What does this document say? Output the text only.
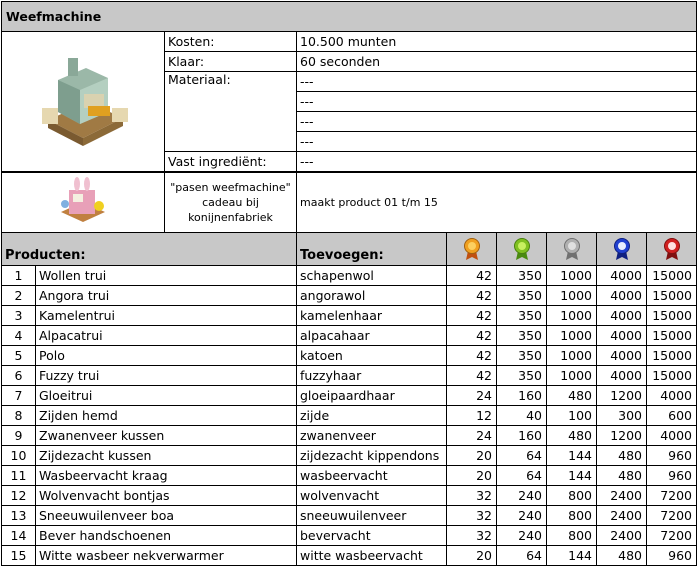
Weefmachine
	Kosten:	10.500 munten
	Klaar:	60 seconden
	Materiaal:	---
		---
		---
		---
	Vast ingrediënt:	---
	"pasen weefmachine" cadeau bij konijnenfabriek	maakt product 01 t/m 15
Producten:		Toevoegen:	

1	Wollen trui	schapenwol	42	350	1000	4000	15000
2	Angora trui	angorawol	42	350	1000	4000	15000
3	Kamelentrui	kamelenhaar	42	350	1000	4000	15000
4	Alpacatrui	alpacahaar	42	350	1000	4000	15000
5	Polo	katoen	42	350	1000	4000	15000
6	Fuzzy trui	fuzzyhaar	42	350	1000	4000	15000
7	Gloeitrui	gloeipaardhaar	24	160	480	1200	4000
8	Zijden hemd	zijde	12	40	100	300	600
9	Zwanenveer kussen	zwanenveer	24	160	480	1200	4000
10	Zijdezacht kussen	zijdezacht kippendons	20	64	144	480	960
11	Wasbeervacht kraag	wasbeervacht	20	64	144	480	960
12	Wolvenvacht bontjas	wolvenvacht	32	240	800	2400	7200
13	Sneeuwuilenveer boa	sneeuwuilenveer	32	240	800	2400	7200
14	Bever handschoenen	bevervacht	32	240	800	2400	7200
15	Witte wasbeer nekverwarmer	witte wasbeervacht	20	64	144	480	960
